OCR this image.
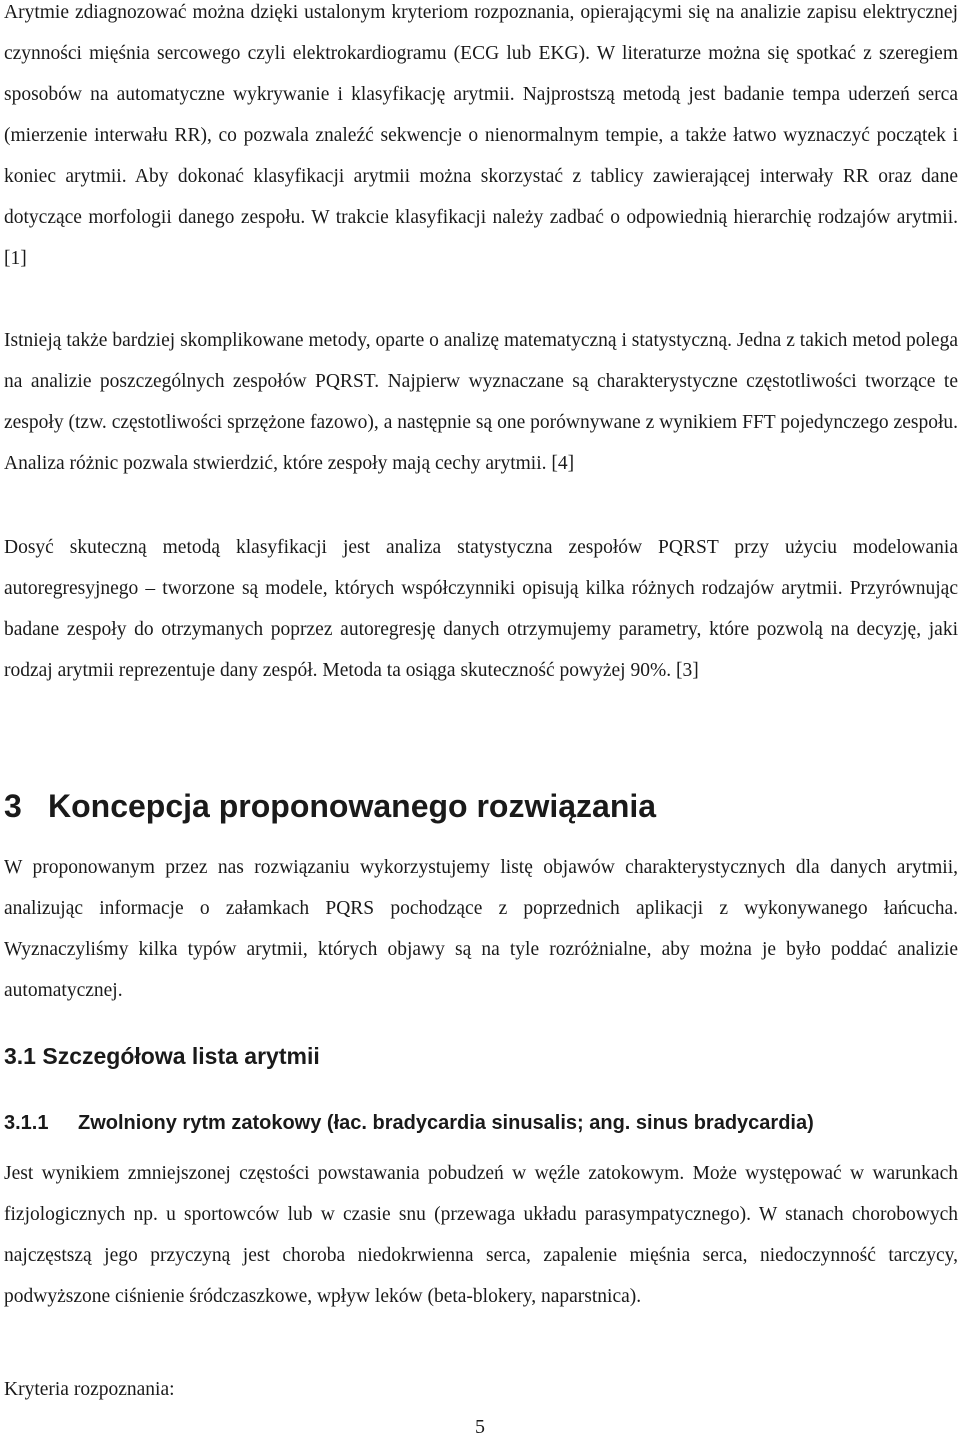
Arytmie zdiagnozować można dzięki ustalonym kryteriom rozpoznania, opierającymi się na analizie zapisu elektrycznej czynności mięśnia sercowego czyli elektrokardiogramu (ECG lub EKG). W literaturze można się spotkać z szeregiem sposobów na automatyczne wykrywanie i klasyfikację arytmii. Najprostszą metodą jest badanie tempa uderzeń serca (mierzenie interwału RR), co pozwala znaleźć sekwencje o nienormalnym tempie, a także łatwo wyznaczyć początek i koniec arytmii. Aby dokonać klasyfikacji arytmii można skorzystać z tablicy zawierającej interwały RR oraz dane dotyczące morfologii danego zespołu. W trakcie klasyfikacji należy zadbać o odpowiednią hierarchię rodzajów arytmii. [1]

Istnieją także bardziej skomplikowane metody, oparte o analizę matematyczną i statystyczną. Jedna z takich metod polega na analizie poszczególnych zespołów PQRST. Najpierw wyznaczane są charakterystyczne częstotliwości tworzące te zespoły (tzw. częstotliwości sprzężone fazowo), a następnie są one porównywane z wynikiem FFT pojedynczego zespołu. Analiza różnic pozwala stwierdzić, które zespoły mają cechy arytmii. [4]

Dosyć skuteczną metodą klasyfikacji jest analiza statystyczna zespołów PQRST przy użyciu modelowania autoregresyjnego – tworzone są modele, których współczynniki opisują kilka różnych rodzajów arytmii. Przyrównując badane zespoły do otrzymanych poprzez autoregresję danych otrzymujemy parametry, które pozwolą na decyzję, jaki rodzaj arytmii reprezentuje dany zespół. Metoda ta osiąga skuteczność powyżej 90%. [3]

3 Koncepcja proponowanego rozwiązania

W proponowanym przez nas rozwiązaniu wykorzystujemy listę objawów charakterystycznych dla danych arytmii, analizując informacje o załamkach PQRS pochodzące z poprzednich aplikacji z wykonywanego łańcucha. Wyznaczyliśmy kilka typów arytmii, których objawy są na tyle rozróżnialne, aby można je było poddać analizie automatycznej.

3.1 Szczegółowa lista arytmii
3.1.1 Zwolniony rytm zatokowy (łac. bradycardia sinusalis; ang. sinus bradycardia)

Jest wynikiem zmniejszonej częstości powstawania pobudzeń w węźle zatokowym. Może występować w warunkach fizjologicznych np. u sportowców lub w czasie snu (przewaga układu parasympatycznego). W stanach chorobowych najczęstszą jego przyczyną jest choroba niedokrwienna serca, zapalenie mięśnia serca, niedoczynność tarczycy, podwyższone ciśnienie śródczaszkowe, wpływ leków (beta-blokery, naparstnica).

Kryteria rozpoznania:

5
